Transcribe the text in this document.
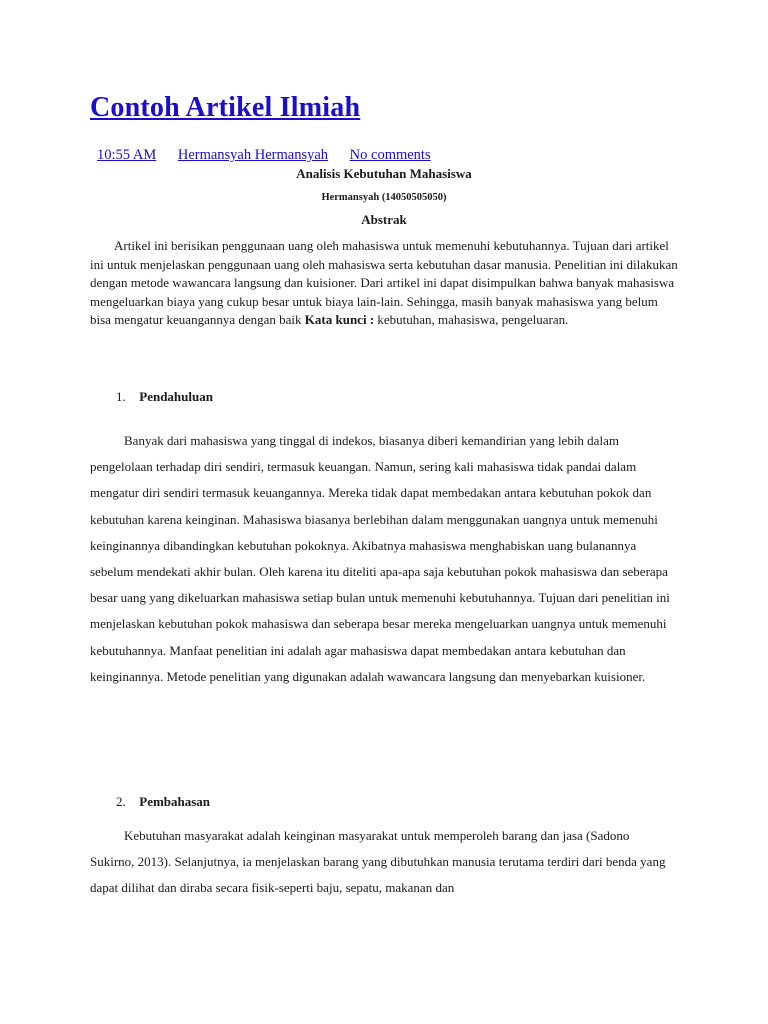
Contoh Artikel Ilmiah
10:55 AM Hermansyah Hermansyah No comments
Analisis Kebutuhan Mahasiswa
Hermansyah (14050505050)
Abstrak

Artikel ini berisikan penggunaan uang oleh mahasiswa untuk memenuhi kebutuhannya. Tujuan dari artikel ini untuk menjelaskan penggunaan uang oleh mahasiswa serta kebutuhan dasar manusia. Penelitian ini dilakukan dengan metode wawancara langsung dan kuisioner. Dari artikel ini dapat disimpulkan bahwa banyak mahasiswa mengeluarkan biaya yang cukup besar untuk biaya lain-lain. Sehingga, masih banyak mahasiswa yang belum bisa mengatur keuangannya dengan baik Kata kunci : kebutuhan, mahasiswa, pengeluaran.

1. Pendahuluan

Banyak dari mahasiswa yang tinggal di indekos, biasanya diberi kemandirian yang lebih dalam pengelolaan terhadap diri sendiri, termasuk keuangan. Namun, sering kali mahasiswa tidak pandai dalam mengatur diri sendiri termasuk keuangannya. Mereka tidak dapat membedakan antara kebutuhan pokok dan kebutuhan karena keinginan. Mahasiswa biasanya berlebihan dalam menggunakan uangnya untuk memenuhi keinginannya dibandingkan kebutuhan pokoknya. Akibatnya mahasiswa menghabiskan uang bulanannya sebelum mendekati akhir bulan. Oleh karena itu diteliti apa-apa saja kebutuhan pokok mahasiswa dan seberapa besar uang yang dikeluarkan mahasiswa setiap bulan untuk memenuhi kebutuhannya. Tujuan dari penelitian ini menjelaskan kebutuhan pokok mahasiswa dan seberapa besar mereka mengeluarkan uangnya untuk memenuhi kebutuhannya. Manfaat penelitian ini adalah agar mahasiswa dapat membedakan antara kebutuhan dan keinginannya. Metode penelitian yang digunakan adalah wawancara langsung dan menyebarkan kuisioner.

2. Pembahasan

Kebutuhan masyarakat adalah keinginan masyarakat untuk memperoleh barang dan jasa (Sadono Sukirno, 2013). Selanjutnya, ia menjelaskan barang yang dibutuhkan manusia terutama terdiri dari benda yang dapat dilihat dan diraba secara fisik-seperti baju, sepatu, makanan dan
